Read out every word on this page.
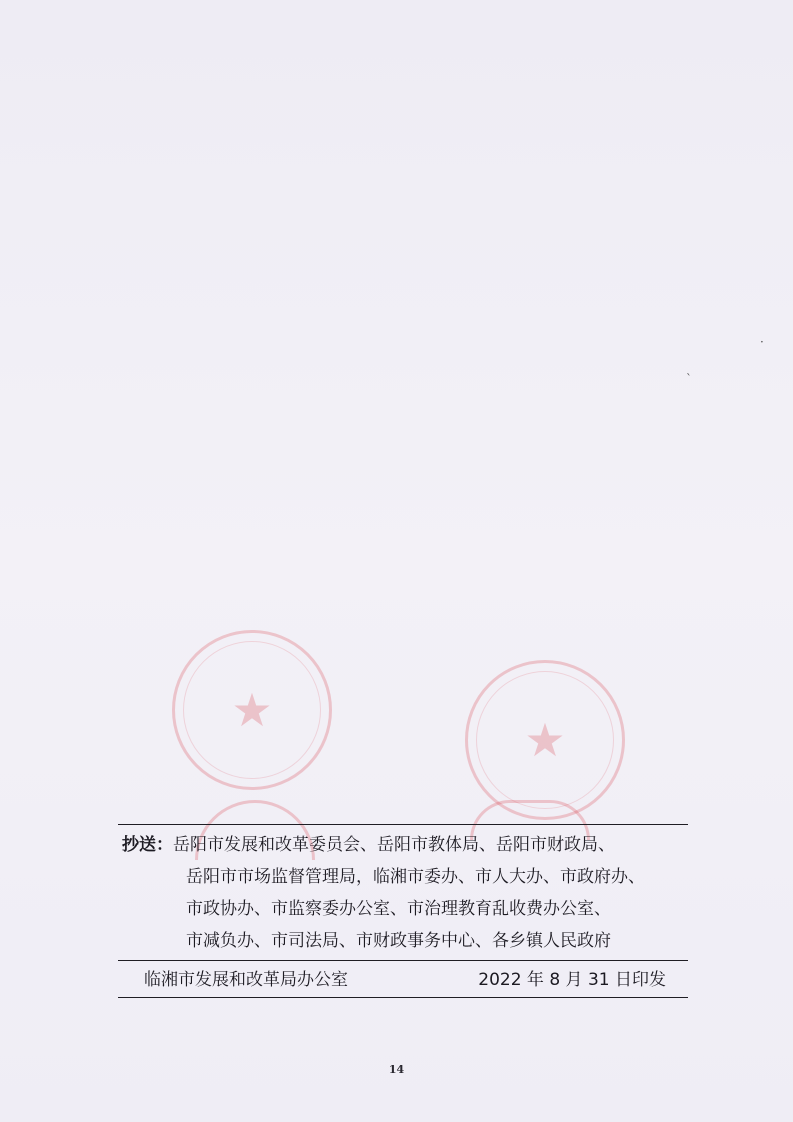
★
★
ˋ
·
抄送：岳阳市发展和改革委员会、岳阳市教体局、岳阳市财政局、
岳阳市市场监督管理局，临湘市委办、市人大办、市政府办、
市政协办、市监察委办公室、市治理教育乱收费办公室、
市减负办、市司法局、市财政事务中心、各乡镇人民政府
临湘市发展和改革局办公室	2022 年 8 月 31 日印发
14
